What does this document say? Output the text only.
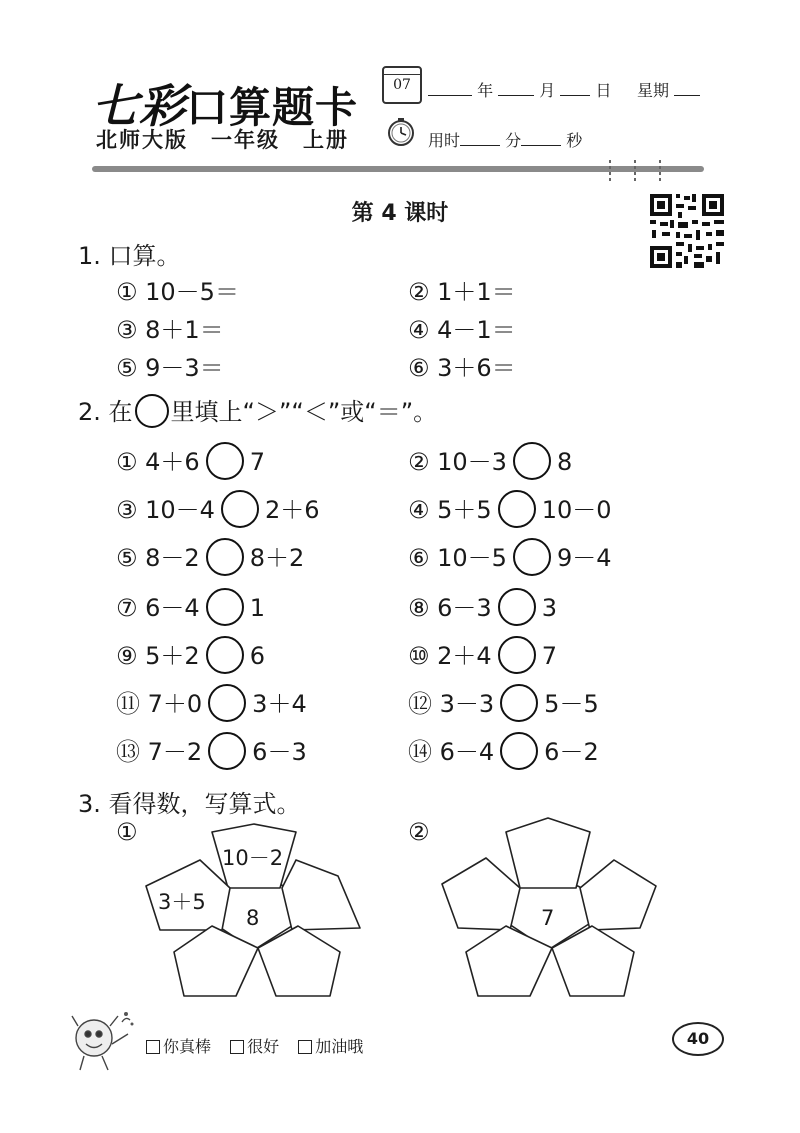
七彩口算题卡	07	年	月	日 星期
北师大版　一年级　上册	用时	分	秒
第 4 课时
1. 口算。
① 10－5＝	② 1＋1＝
③ 8＋1＝	④ 4－1＝
⑤ 9－3＝	⑥ 3＋6＝
2. 在 里填上“＞”“＜”或“＝”。
① 4＋6 7	② 10－3 8
③ 10－4 2＋6	④ 5＋5 10－0
⑤ 8－2 8＋2	⑥ 10－5 9－4
⑦ 6－4 1	⑧ 6－3 3
⑨ 5＋2 6	⑩ 2＋4 7
⑪ 7＋0 3＋4	⑫ 3－3 5－5
⑬ 7－2 6－3	⑭ 6－4 6－2
3. 看得数，写算式。
①	②
10－2
3＋5
8	7
你真棒 很好 加油哦	40
